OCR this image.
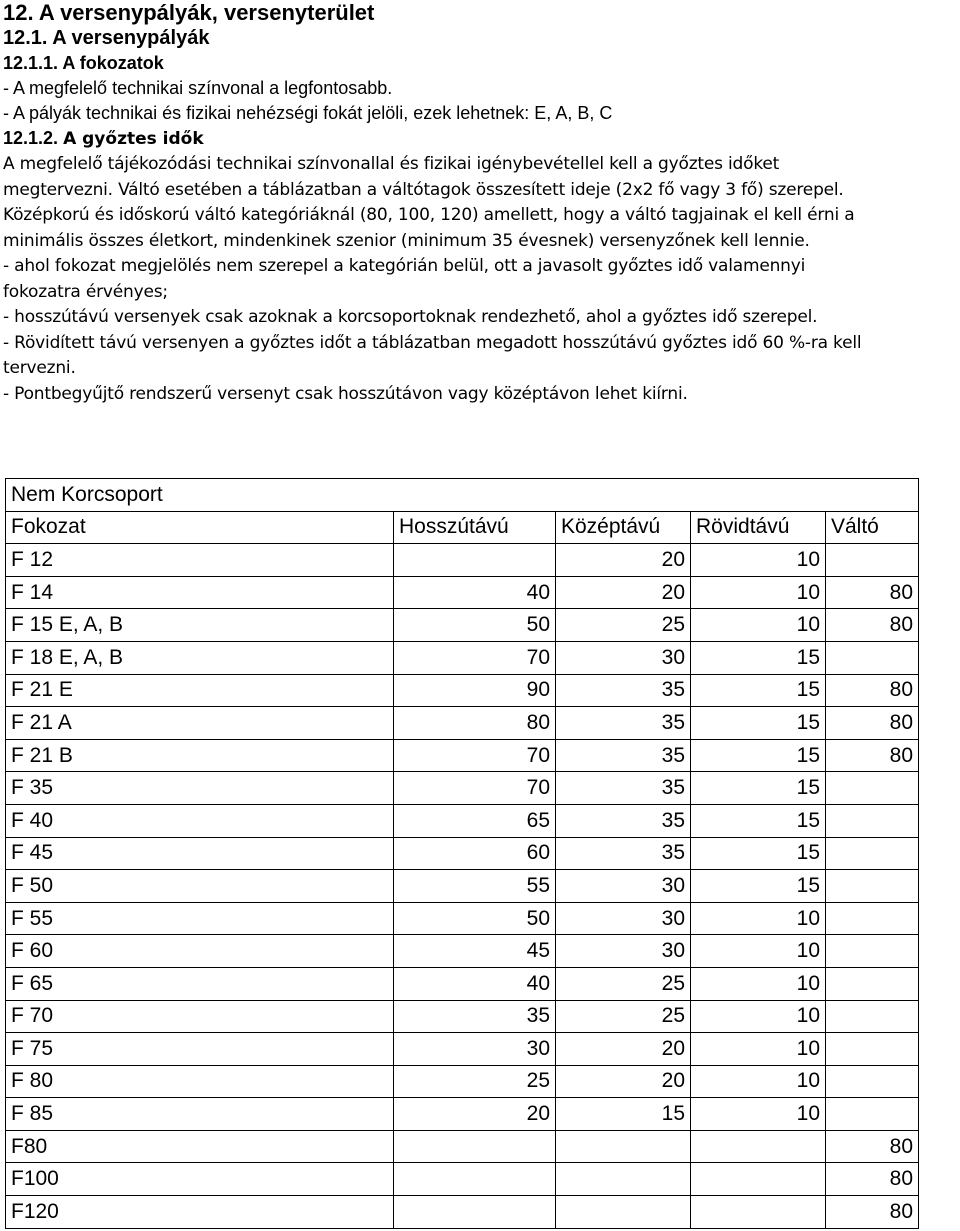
12. A versenypályák, versenyterület
12.1. A versenypályák
12.1.1. A fokozatok
- A megfelelő technikai színvonal a legfontosabb.
- A pályák technikai és fizikai nehézségi fokát jelöli, ezek lehetnek: E, A, B, C
12.1.2. A győztes idők
A megfelelő tájékozódási technikai színvonallal és fizikai igénybevétellel kell a győztes időket
megtervezni. Váltó esetében a táblázatban a váltótagok összesített ideje (2x2 fő vagy 3 fő) szerepel.
Középkorú és időskorú váltó kategóriáknál (80, 100, 120) amellett, hogy a váltó tagjainak el kell érni a
minimális összes életkort, mindenkinek szenior (minimum 35 évesnek) versenyzőnek kell lennie.
- ahol fokozat megjelölés nem szerepel a kategórián belül, ott a javasolt győztes idő valamennyi
fokozatra érvényes;
- hosszútávú versenyek csak azoknak a korcsoportoknak rendezhető, ahol a győztes idő szerepel.
- Rövidített távú versenyen a győztes időt a táblázatban megadott hosszútávú győztes idő 60 %-ra kell
tervezni.
- Pontbegyűjtő rendszerű versenyt csak hosszútávon vagy középtávon lehet kiírni.
Nem Korcsoport				
Fokozat	Hosszútávú	Középtávú	Rövidtávú	Váltó
F 12		20	10	
F 14	40	20	10	80
F 15 E, A, B	50	25	10	80
F 18 E, A, B	70	30	15	
F 21 E	90	35	15	80
F 21 A	80	35	15	80
F 21 B	70	35	15	80
F 35	70	35	15	
F 40	65	35	15	
F 45	60	35	15	
F 50	55	30	15	
F 55	50	30	10	
F 60	45	30	10	
F 65	40	25	10	
F 70	35	25	10	
F 75	30	20	10	
F 80	25	20	10	
F 85	20	15	10	
F80				80
F100				80
F120				80
